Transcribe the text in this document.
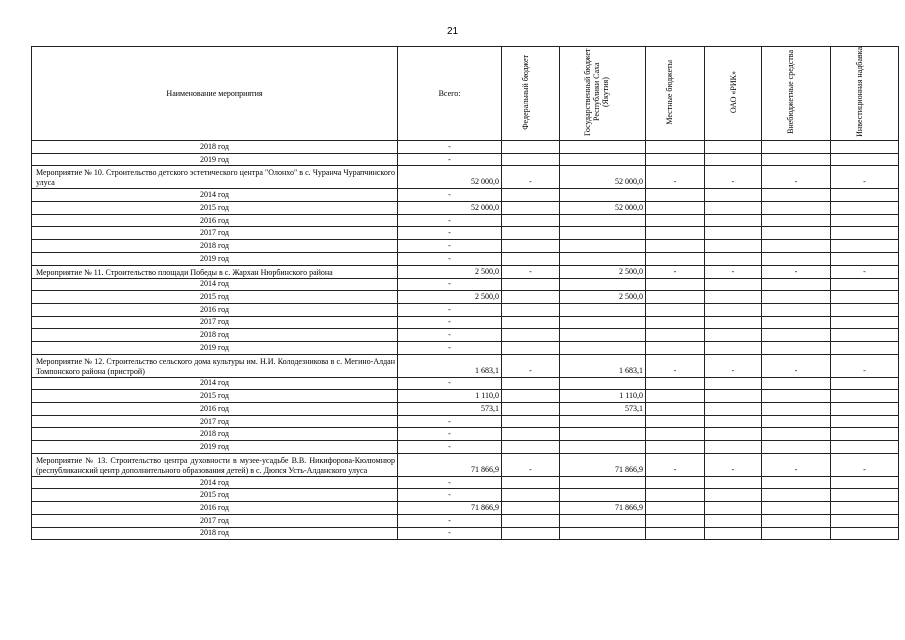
21
Наименование мероприятия	Всего:	Федеральный бюджет	Государственный бюджет Республики Саха (Якутия)	Местные бюджеты	ОАО «РИК»	Внебюджетные средства	Инвестиционная надбавка
2018 год	-						
2019 год	-						
Мероприятие № 10. Строительство детского эстетического центра "Олонхо" в с. Чуранча Чурапчинского улуса	52 000,0	-	52 000,0	-	-	-	-
2014 год	-						
2015 год	52 000,0		52 000,0				
2016 год	-						
2017 год	-						
2018 год	-						
2019 год	-						
Мероприятие № 11. Строительство площади Победы в с. Жархан Нюрбинского района	2 500,0	-	2 500,0	-	-	-	-
2014 год	-						
2015 год	2 500,0		2 500,0				
2016 год	-						
2017 год	-						
2018 год	-						
2019 год	-						
Мероприятие № 12. Строительство сельского дома культуры им. Н.И. Колодезникова в с. Мегино-Алдан Томпонского района (пристрой)	1 683,1	-	1 683,1	-	-	-	-
2014 год	-						
2015 год	1 110,0		1 110,0				
2016 год	573,1		573,1				
2017 год	-						
2018 год	-						
2019 год	-						
Мероприятие № 13. Строительство центра духовности в музее-усадьбе В.В. Никифорова-Кюлюмнюр (республиканский центр дополнительного образования детей) в с. Дюпся Усть-Алданского улуса	71 866,9	-	71 866,9	-	-	-	-
2014 год	-						
2015 год	-						
2016 год	71 866,9		71 866,9				
2017 год	-						
2018 год	-						
